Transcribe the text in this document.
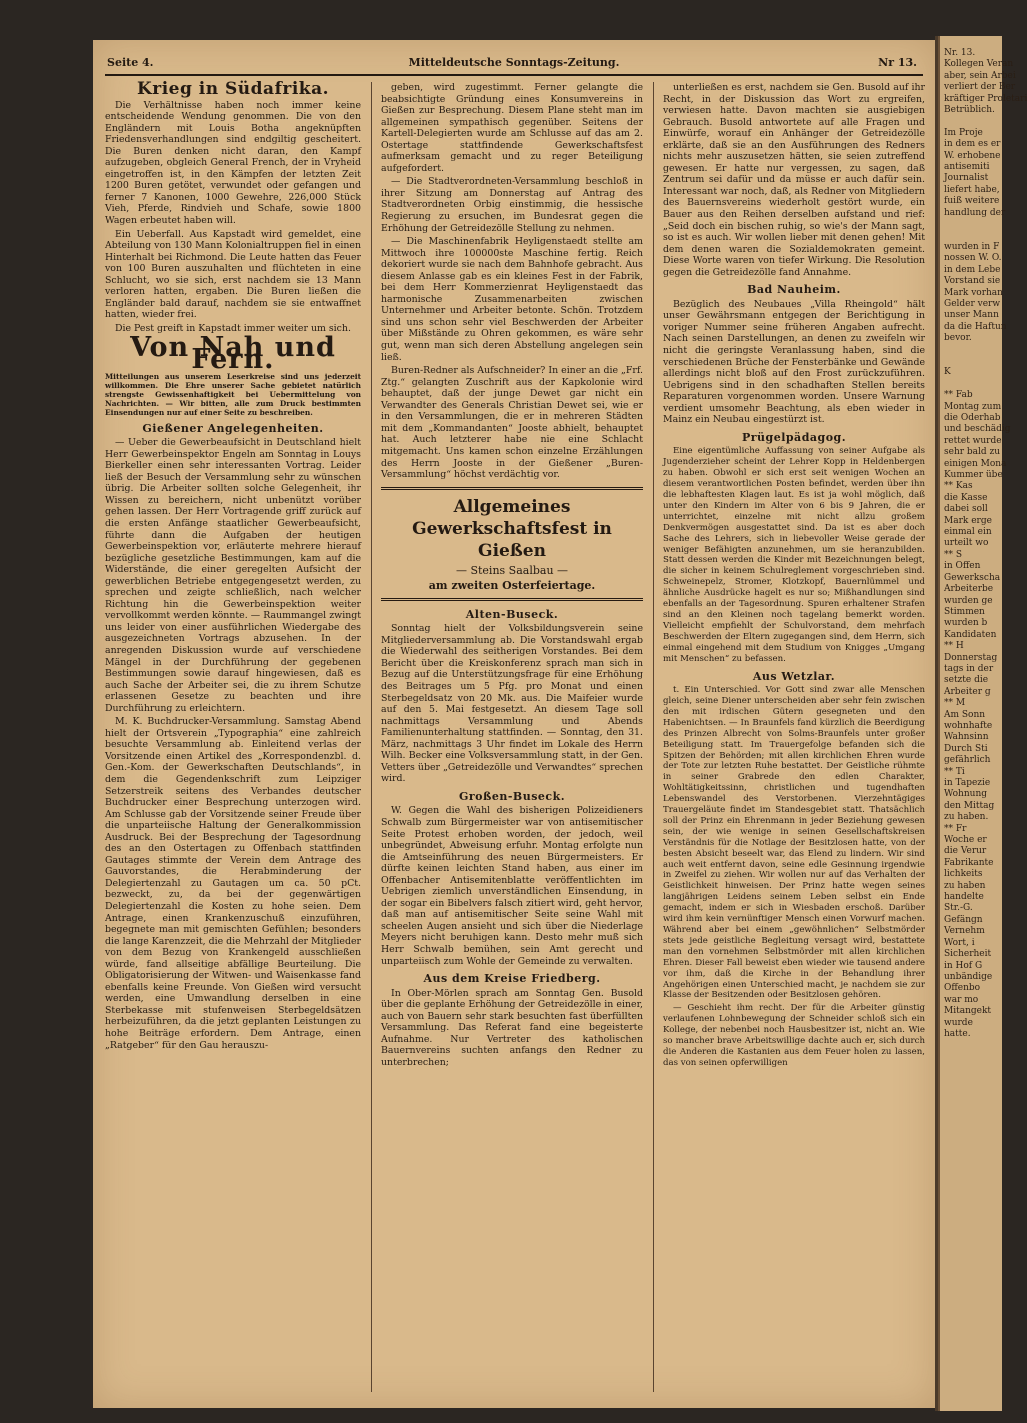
Seite 4.	Mitteldeutsche Sonntags-Zeitung.	Nr 13.
Krieg in Südafrika.

Die Verhältnisse haben noch immer keine entscheidende Wendung genommen. Die von den Engländern mit Louis Botha angeknüpften Friedensverhandlungen sind endgiltig gescheitert. Die Buren denken nicht daran, den Kampf aufzugeben, obgleich General French, der in Vryheid eingetroffen ist, in den Kämpfen der letzten Zeit 1200 Buren getötet, verwundet oder gefangen und ferner 7 Kanonen, 1000 Gewehre, 226,000 Stück Vieh, Pferde, Rindvieh und Schafe, sowie 1800 Wagen erbeutet haben will.

Ein Ueberfall. Aus Kapstadt wird gemeldet, eine Abteilung von 130 Mann Kolonialtruppen fiel in einen Hinterhalt bei Richmond. Die Leute hatten das Feuer von 100 Buren auszuhalten und flüchteten in eine Schlucht, wo sie sich, erst nachdem sie 13 Mann verloren hatten, ergaben. Die Buren ließen die Engländer bald darauf, nachdem sie sie entwaffnet hatten, wieder frei.

Die Pest greift in Kapstadt immer weiter um sich.

Von Nah und Fern.
Mitteilungen aus unserem Leserkreise sind uns jederzeit willkommen. Die Ehre unserer Sache gebietet natürlich strengste Gewissenhaftigkeit bei Uebermittelung von Nachrichten. — Wir bitten, alle zum Druck bestimmten Einsendungen nur auf einer Seite zu beschreiben.
Gießener Angelegenheiten.

— Ueber die Gewerbeaufsicht in Deutschland hielt Herr Gewerbeinspektor Engeln am Sonntag in Louys Bierkeller einen sehr interessanten Vortrag. Leider ließ der Besuch der Versammlung sehr zu wünschen übrig. Die Arbeiter sollten solche Gelegenheit, ihr Wissen zu bereichern, nicht unbenützt vorüber gehen lassen. Der Herr Vortragende griff zurück auf die ersten Anfänge staatlicher Gewerbeaufsicht, führte dann die Aufgaben der heutigen Gewerbeinspektion vor, erläuterte mehrere hierauf bezügliche gesetzliche Bestimmungen, kam auf die Widerstände, die einer geregelten Aufsicht der gewerblichen Betriebe entgegengesetzt werden, zu sprechen und zeigte schließlich, nach welcher Richtung hin die Gewerbeinspektion weiter vervollkommt werden könnte. — Raummangel zwingt uns leider von einer ausführlichen Wiedergabe des ausgezeichneten Vortrags abzusehen. In der anregenden Diskussion wurde auf verschiedene Mängel in der Durchführung der gegebenen Bestimmungen sowie darauf hingewiesen, daß es auch Sache der Arbeiter sei, die zu ihrem Schutze erlassenen Gesetze zu beachten und ihre Durchführung zu erleichtern.

M. K. Buchdrucker-Versammlung. Samstag Abend hielt der Ortsverein „Typographia“ eine zahlreich besuchte Versammlung ab. Einleitend verlas der Vorsitzende einen Artikel des „Korrespondenzbl. d. Gen.-Kom. der Gewerkschaften Deutschlands“, in dem die Gegendenkschrift zum Leipziger Setzerstreik seitens des Verbandes deutscher Buchdrucker einer Besprechung unterzogen wird. Am Schlusse gab der Vorsitzende seiner Freude über die unparteiische Haltung der Generalkommission Ausdruck. Bei der Besprechung der Tagesordnung des an den Ostertagen zu Offenbach stattfinden Gautages stimmte der Verein dem Antrage des Gauvorstandes, die Herabminderung der Delegiertenzahl zu Gautagen um ca. 50 pCt. bezweckt, zu, da bei der gegenwärtigen Delegiertenzahl die Kosten zu hohe seien. Dem Antrage, einen Krankenzuschuß einzuführen, begegnete man mit gemischten Gefühlen; besonders die lange Karenzzeit, die die Mehrzahl der Mitglieder von dem Bezug von Krankengeld ausschließen würde, fand allseitige abfällige Beurteilung. Die Obligatorisierung der Witwen- und Waisenkasse fand ebenfalls keine Freunde. Von Gießen wird versucht werden, eine Umwandlung derselben in eine Sterbekasse mit stufenweisen Sterbegeldsätzen herbeizuführen, da die jetzt geplanten Leistungen zu hohe Beiträge erfordern. Dem Antrage, einen „Ratgeber“ für den Gau herauszu-

geben, wird zugestimmt. Ferner gelangte die beabsichtigte Gründung eines Konsumvereins in Gießen zur Besprechung. Diesem Plane steht man im allgemeinen sympathisch gegenüber. Seitens der Kartell-Delegierten wurde am Schlusse auf das am 2. Ostertage stattfindende Gewerkschaftsfest aufmerksam gemacht und zu reger Beteiligung aufgefordert.

— Die Stadtverordneten-Versammlung beschloß in ihrer Sitzung am Donnerstag auf Antrag des Stadtverordneten Orbig einstimmig, die hessische Regierung zu ersuchen, im Bundesrat gegen die Erhöhung der Getreidezölle Stellung zu nehmen.

— Die Maschinenfabrik Heyligenstaedt stellte am Mittwoch ihre 100000ste Maschine fertig. Reich dekoriert wurde sie nach dem Bahnhofe gebracht. Aus diesem Anlasse gab es ein kleines Fest in der Fabrik, bei dem Herr Kommerzienrat Heyligenstaedt das harmonische Zusammenarbeiten zwischen Unternehmer und Arbeiter betonte. Schön. Trotzdem sind uns schon sehr viel Beschwerden der Arbeiter über Mißstände zu Ohren gekommen, es wäre sehr gut, wenn man sich deren Abstellung angelegen sein ließ.

Buren-Redner als Aufschneider? In einer an die „Frf. Ztg.“ gelangten Zuschrift aus der Kapkolonie wird behauptet, daß der junge Dewet gar nicht ein Verwandter des Generals Christian Dewet sei, wie er in den Versammlungen, die er in mehreren Städten mit dem „Kommandanten“ Jooste abhielt, behauptet hat. Auch letzterer habe nie eine Schlacht mitgemacht. Uns kamen schon einzelne Erzählungen des Herrn Jooste in der Gießener „Buren-Versammlung“ höchst verdächtig vor.

Allgemeines Gewerkschaftsfest in Gießen
— Steins Saalbau —
am zweiten Osterfeiertage.
Alten-Buseck.

Sonntag hielt der Volksbildungsverein seine Mitgliederversammlung ab. Die Vorstandswahl ergab die Wiederwahl des seitherigen Vorstandes. Bei dem Bericht über die Kreiskonferenz sprach man sich in Bezug auf die Unterstützungsfrage für eine Erhöhung des Beitrages um 5 Pfg. pro Monat und einen Sterbegeldsatz von 20 Mk. aus. Die Maifeier wurde auf den 5. Mai festgesetzt. An diesem Tage soll nachmittags Versammlung und Abends Familienunterhaltung stattfinden. — Sonntag, den 31. März, nachmittags 3 Uhr findet im Lokale des Herrn Wilh. Becker eine Volksversammlung statt, in der Gen. Vetters über „Getreidezölle und Verwandtes“ sprechen wird.

Großen-Buseck.

W. Gegen die Wahl des bisherigen Polizeidieners Schwalb zum Bürgermeister war von antisemitischer Seite Protest erhoben worden, der jedoch, weil unbegründet, Abweisung erfuhr. Montag erfolgte nun die Amtseinführung des neuen Bürgermeisters. Er dürfte keinen leichten Stand haben, aus einer im Offenbacher Antisemitenblatte veröffentlichten im Uebrigen ziemlich unverständlichen Einsendung, in der sogar ein Bibelvers falsch zitiert wird, geht hervor, daß man auf antisemitischer Seite seine Wahl mit scheelen Augen ansieht und sich über die Niederlage Meyers nicht beruhigen kann. Desto mehr muß sich Herr Schwalb bemühen, sein Amt gerecht und unparteiisch zum Wohle der Gemeinde zu verwalten.

Aus dem Kreise Friedberg.

In Ober-Mörlen sprach am Sonntag Gen. Busold über die geplante Erhöhung der Getreidezölle in einer, auch von Bauern sehr stark besuchten fast überfüllten Versammlung. Das Referat fand eine begeisterte Aufnahme. Nur Vertreter des katholischen Bauernvereins suchten anfangs den Redner zu unterbrechen;

unterließen es erst, nachdem sie Gen. Busold auf ihr Recht, in der Diskussion das Wort zu ergreifen, verwiesen hatte. Davon machten sie ausgiebigen Gebrauch. Busold antwortete auf alle Fragen und Einwürfe, worauf ein Anhänger der Getreidezölle erklärte, daß sie an den Ausführungen des Redners nichts mehr auszusetzen hätten, sie seien zutreffend gewesen. Er hatte nur vergessen, zu sagen, daß Zentrum sei dafür und da müsse er auch dafür sein. Interessant war noch, daß, als Redner von Mitgliedern des Bauernsvereins wiederholt gestört wurde, ein Bauer aus den Reihen derselben aufstand und rief: „Seid doch ein bischen ruhig, so wie's der Mann sagt, so ist es auch. Wir wollen lieber mit denen gehen! Mit dem denen waren die Sozialdemokraten gemeint. Diese Worte waren von tiefer Wirkung. Die Resolution gegen die Getreidezölle fand Annahme.

Bad Nauheim.

Bezüglich des Neubaues „Villa Rheingold“ hält unser Gewährsmann entgegen der Berichtigung in voriger Nummer seine früheren Angaben aufrecht. Nach seinen Darstellungen, an denen zu zweifeln wir nicht die geringste Veranlassung haben, sind die verschiedenen Brüche der Fensterbänke und Gewände allerdings nicht bloß auf den Frost zurückzuführen. Uebrigens sind in den schadhaften Stellen bereits Reparaturen vorgenommen worden. Unsere Warnung verdient umsomehr Beachtung, als eben wieder in Mainz ein Neubau eingestürzt ist.

Prügelpädagog.

Eine eigentümliche Auffassung von seiner Aufgabe als Jugenderzieher scheint der Lehrer Kopp in Heldenbergen zu haben. Obwohl er sich erst seit wenigen Wochen an diesem verantwortlichen Posten befindet, werden über ihn die lebhaftesten Klagen laut. Es ist ja wohl möglich, daß unter den Kindern im Alter von 6 bis 9 Jahren, die er unterrichtet, einzelne mit nicht allzu großem Denkvermögen ausgestattet sind. Da ist es aber doch Sache des Lehrers, sich in liebevoller Weise gerade der weniger Befähigten anzunehmen, um sie heranzubilden. Statt dessen werden die Kinder mit Bezeichnungen belegt, die sicher in keinem Schulreglement vorgeschrieben sind. Schweinepelz, Stromer, Klotzkopf, Bauernlümmel und ähnliche Ausdrücke hagelt es nur so; Mißhandlungen sind ebenfalls an der Tagesordnung. Spuren erhaltener Strafen sind an den Kleinen noch tagelang bemerkt worden. Vielleicht empfiehlt der Schulvorstand, dem mehrfach Beschwerden der Eltern zugegangen sind, dem Herrn, sich einmal eingehend mit dem Studium von Knigges „Umgang mit Menschen“ zu befassen.

Aus Wetzlar.

t. Ein Unterschied. Vor Gott sind zwar alle Menschen gleich, seine Diener unterscheiden aber sehr fein zwischen den mit irdischen Gütern gesegneten und den Habenichtsen. — In Braunfels fand kürzlich die Beerdigung des Prinzen Albrecht von Solms-Braunfels unter großer Beteiligung statt. Im Trauergefolge befanden sich die Spitzen der Behörden; mit allen kirchlichen Ehren wurde der Tote zur letzten Ruhe bestattet. Der Geistliche rühmte in seiner Grabrede den edlen Charakter, Wohltätigkeitssinn, christlichen und tugendhaften Lebenswandel des Verstorbenen. Vierzehntägiges Trauergeläute findet im Standesgebiet statt. Thatsächlich soll der Prinz ein Ehrenmann in jeder Beziehung gewesen sein, der wie wenige in seinen Gesellschaftskreisen Verständnis für die Notlage der Besitzlosen hatte, von der besten Absicht beseelt war, das Elend zu lindern. Wir sind auch weit entfernt davon, seine edle Gesinnung irgendwie in Zweifel zu ziehen. Wir wollen nur auf das Verhalten der Geistlichkeit hinweisen. Der Prinz hatte wegen seines langjährigen Leidens seinem Leben selbst ein Ende gemacht, indem er sich in Wiesbaden erschoß. Darüber wird ihm kein vernünftiger Mensch einen Vorwurf machen. Während aber bei einem „gewöhnlichen“ Selbstmörder stets jede geistliche Begleitung versagt wird, bestattete man den vornehmen Selbstmörder mit allen kirchlichen Ehren. Dieser Fall beweist eben wieder wie tausend andere vor ihm, daß die Kirche in der Behandlung ihrer Angehörigen einen Unterschied macht, je nachdem sie zur Klasse der Besitzenden oder Besitzlosen gehören.

— Geschieht ihm recht. Der für die Arbeiter günstig verlaufenen Lohnbewegung der Schneider schloß sich ein Kollege, der nebenbei noch Hausbesitzer ist, nicht an. Wie so mancher brave Arbeitswillige dachte auch er, sich durch die Anderen die Kastanien aus dem Feuer holen zu lassen, das von seinen opferwilligen

Nr. 13.
Kollegen Veran
aber, sein Arbei
verliert der Ber
kräftiger Proletari
Betrüblich.

Im Proje
in dem es er
W. erhobene
antisemiti
Journalist
liefert habe,
fuiß weitere
handlung der

wurden in F
nossen W. O.
in dem Lebe
Vorstand sie
Mark vorhan
Gelder verw
unser Mann
da die Haftun
bevor.

K

** Fab
Montag zum
die Oderhab
und beschädig
rettet wurde
sehr bald zu
einigen Mona
Kummer übe
** Kas
die Kasse
dabei soll
Mark erge
einmal ein
urteilt wo
** S
in Offen
Gewerkscha
Arbeiterbe
wurden ge
Stimmen
wurden b
Kandidaten
** H
Donnerstag
tags in der
setzte die
Arbeiter g
** M
Am Sonn
wohnhafte
Wahnsinn
Durch Sti
gefährlich
** Ti
in Tapezie
Wohnung
den Mittag
zu haben.
** Fr
Woche er
die Verur
Fabrikante
lichkeits
zu haben
handelte
Str.-G.
Gefängn
Vernehm
Wort, i
Sicherheit
in Hof G
unbändige
Offenbo
war mo
Mitangekt
wurde
hatte.
